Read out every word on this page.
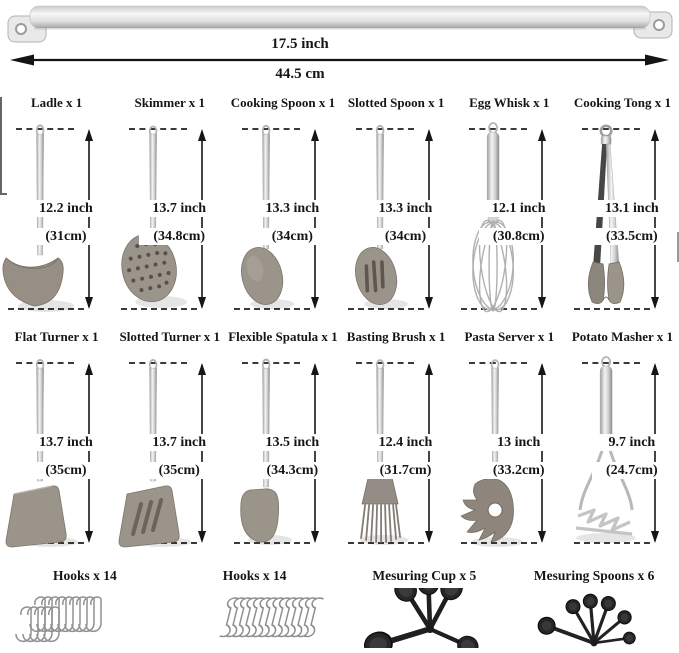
17.5 inch
44.5 cm
Ladle x 1
12.2 inch
(31cm)
Skimmer x 1
13.7 inch
(34.8cm)
Cooking Spoon x 1
13.3 inch
(34cm)
Slotted Spoon x 1
13.3 inch
(34cm)
Egg Whisk x 1
12.1 inch
(30.8cm)
Cooking Tong x 1
13.1 inch
(33.5cm)
Flat Turner x 1
13.7 inch
(35cm)
Slotted Turner x 1
13.7 inch
(35cm)
Flexible Spatula x 1
13.5 inch
(34.3cm)
Basting Brush x 1
12.4 inch
(31.7cm)
Pasta Server x 1
13 inch
(33.2cm)
Potato Masher x 1
9.7 inch
(24.7cm)
Hooks x 14	Hooks x 14	Mesuring Cup x 5	Mesuring Spoons x 6
